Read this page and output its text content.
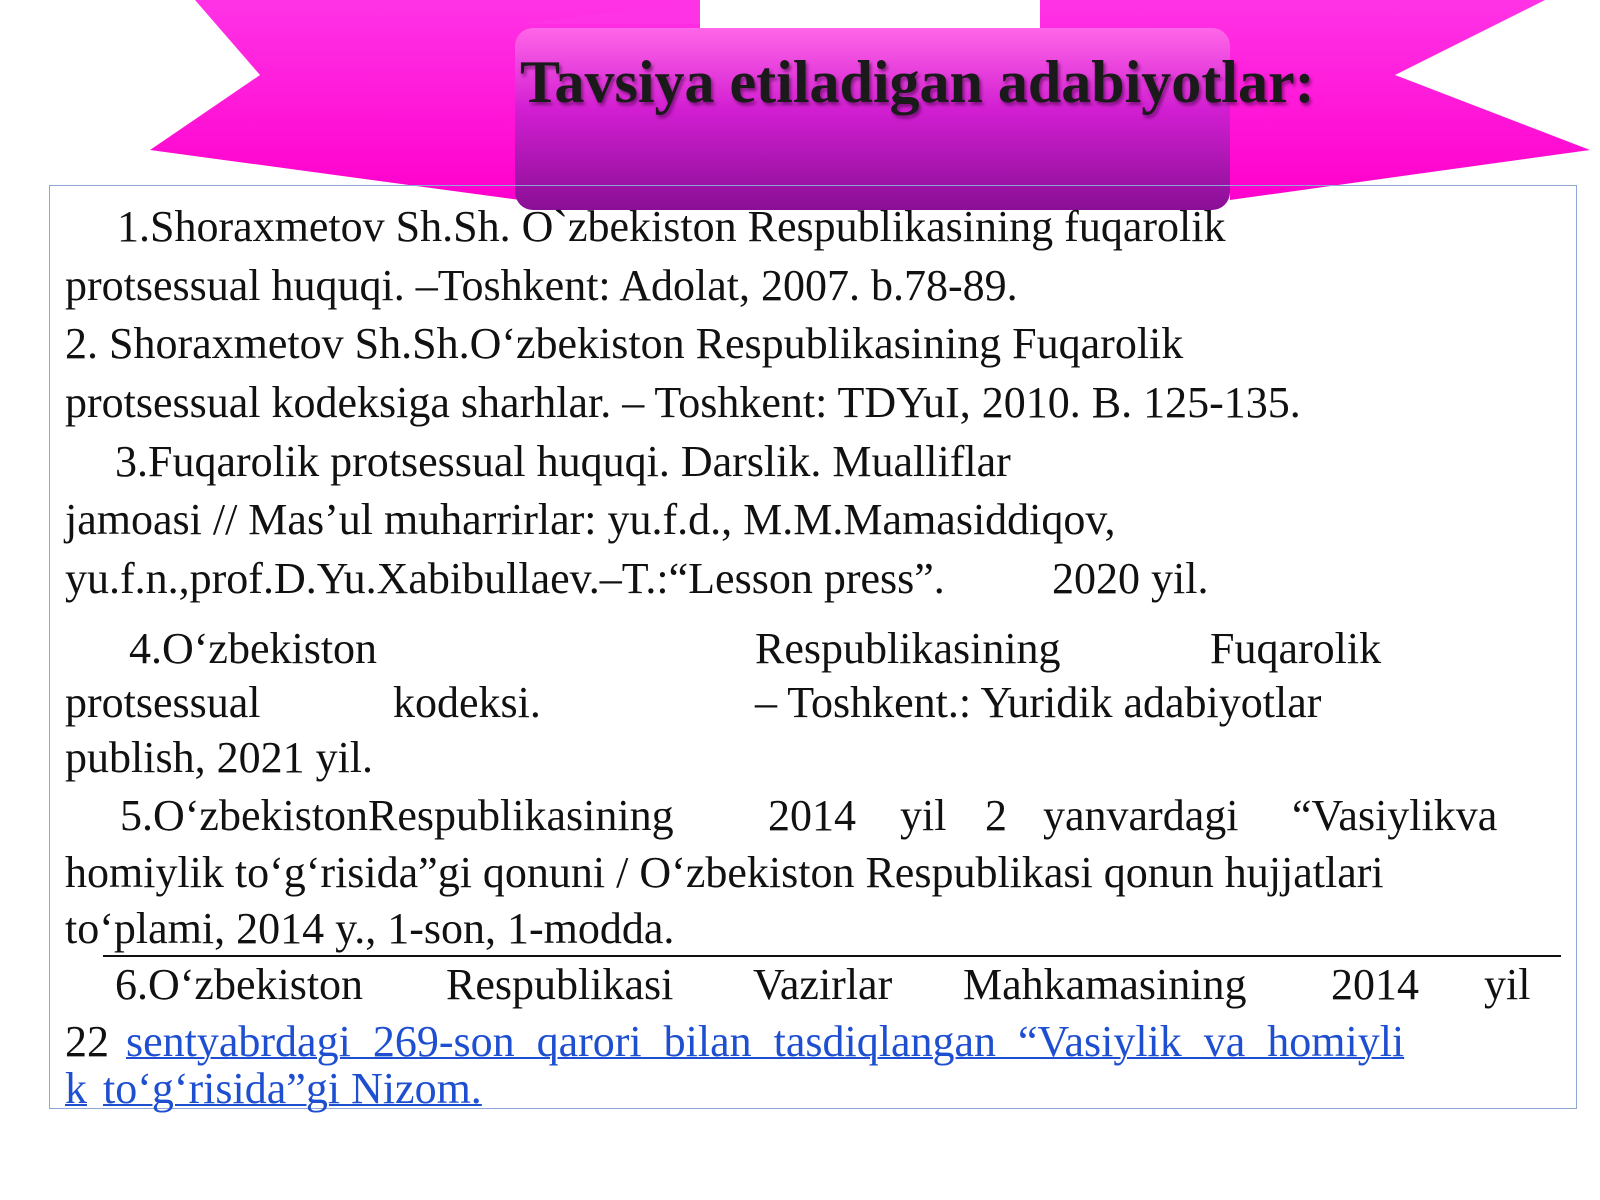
Tavsiya etiladigan adabiyotlar:
1.Shoraxmetov Sh.Sh. O`zbekiston Respublikasining fuqarolik
protsessual huquqi. –Toshkent: Adolat, 2007. b.78-89.
2. Shoraxmetov Sh.Sh.O‘zbekiston Respublikasining Fuqarolik
protsessual kodeksiga sharhlar. – Toshkent: TDYuI, 2010. B. 125-135.
3.Fuqarolik protsessual huquqi. Darslik. Mualliflar
jamoasi // Mas’ul muharrirlar: yu.f.d., M.M.Mamasiddiqov,
yu.f.n.,prof.D.Yu.Xabibullaev.–T.:“Lesson press”. 2020 yil.
4.O‘zbekiston	Respublikasining	Fuqarolik
protsessual	kodeksi.	– Toshkent.: Yuridik adabiyotlar
publish, 2021 yil.
5.O‘zbekistonRespublikasining 2014 yil 2 yanvardagi “Vasiylikva
homiylik to‘g‘risida”gi qonuni / O‘zbekiston Respublikasi qonun hujjatlari
to‘plami, 2014 y., 1-son, 1-modda.
6.O‘zbekiston Respublikasi Vazirlar Mahkamasining 2014 yil
22 sentyabrdagi  269-son  qarori  bilan  tasdiqlangan  “Vasiylik  va  homiyli
k to‘g‘risida”gi Nizom.
